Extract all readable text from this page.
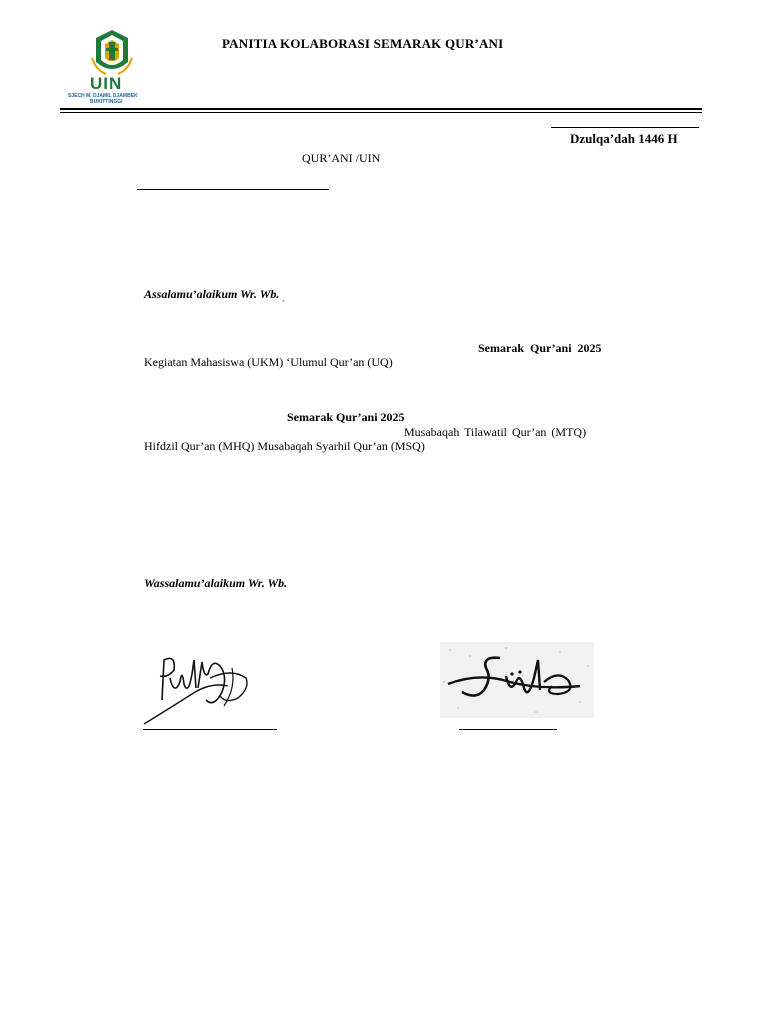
UIN
SJECH M. DJAMIL DJAMBEK
BUKITTINGGI
PANITIA KOLABORASI SEMARAK QUR’ANI
Dzulqa’dah 1446 H
QUR’ANI /UIN
Assalamu’alaikum Wr. Wb.
`
Semarak Qur’ani 2025
Kegiatan Mahasiswa (UKM) ‘Ulumul Qur’an (UQ)
Semarak Qur’ani 2025
Musabaqah Tilawatil Qur’an (MTQ)
Hifdzil Qur’an (MHQ) Musabaqah Syarhil Qur’an (MSQ)
Wassalamu’alaikum Wr. Wb.
